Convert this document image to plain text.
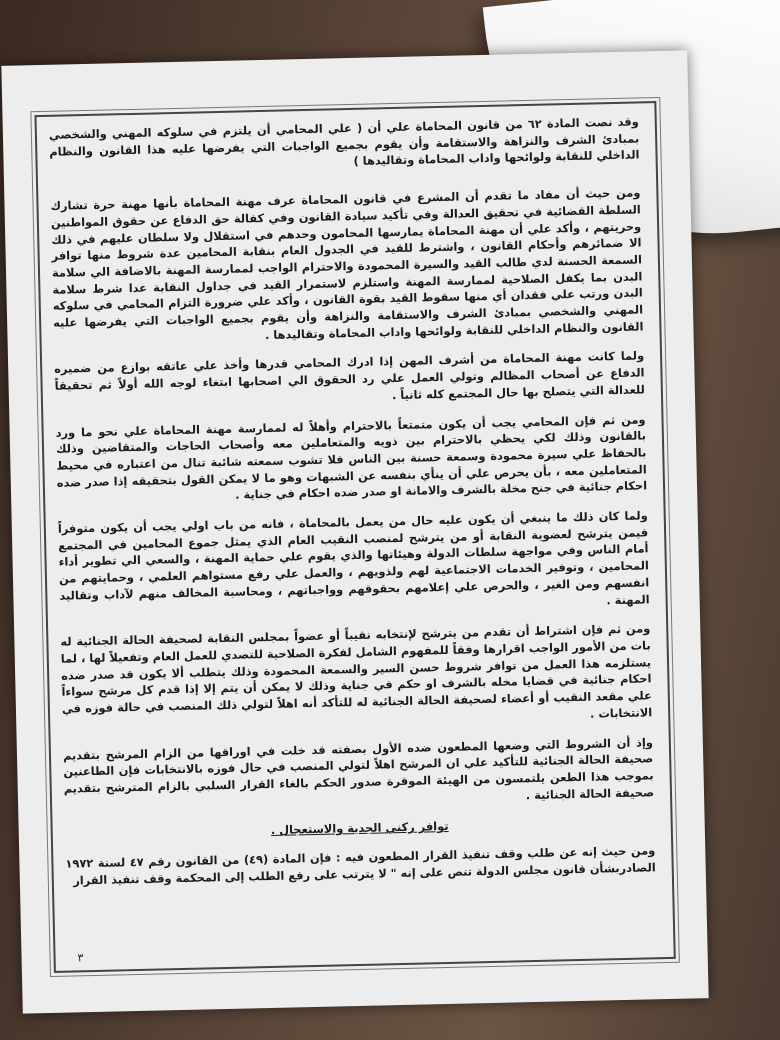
وقد نصت المادة ٦٢ من قانون المحاماة علي أن ( علي المحامي أن يلتزم في سلوكه المهني والشخصي بمبادئ الشرف والنزاهة والاستقامة وأن يقوم بجميع الواجبات التي يفرضها عليه هذا القانون والنظام الداخلي للنقابة ولوائحها واداب المحاماة وتقاليدها )

ومن حيث أن مفاد ما تقدم أن المشرع في قانون المحاماة عرف مهنة المحاماة بأنها مهنة حرة تشارك السلطة القضائية في تحقيق العدالة وفي تأكيد سيادة القانون وفي كفالة حق الدفاع عن حقوق المواطنين وحريتهم ، وأكد علي أن مهنة المحاماة يمارسها المحامون وحدهم في استقلال ولا سلطان عليهم في ذلك الا ضمائرهم وأحكام القانون ، واشترط للقيد في الجدول العام بنقابة المحامين عدة شروط منها توافر السمعة الحسنة لدي طالب القيد والسيرة المحمودة والاحترام الواجب لممارسة المهنة بالاضافة الي سلامة البدن بما يكفل الصلاحية لممارسة المهنة واستلزم لاستمرار القيد في جداول النقابة عدا شرط سلامة البدن ورتب علي فقدان أي منها سقوط القيد بقوة القانون ، وأكد علي ضرورة التزام المحامي في سلوكه المهني والشخصي بمبادئ الشرف والاستقامة والنزاهة وأن يقوم بجميع الواجبات التي يفرضها عليه القانون والنظام الداخلي للنقابة ولوائحها واداب المحاماة وتقاليدها .

ولما كانت مهنة المحاماة من أشرف المهن إذا ادرك المحامي قدرها وأخذ علي عاتقه بوازع من ضميره الدفاع عن أصحاب المظالم وتولي العمل علي رد الحقوق الي اصحابها ابتغاء لوجه الله أولاً ثم تحقيقاً للعدالة التي يتصلح بها حال المجتمع كله ثانياً .

ومن ثم فإن المحامي يجب أن يكون متمتعاً بالاحترام وأهلاً له لممارسة مهنة المحاماة علي نحو ما ورد بالقانون وذلك لكي يحظي بالاحترام بين ذويه والمتعاملين معه وأصحاب الحاجات والمتقاضين وذلك بالحفاظ علي سيرة محمودة وسمعة حسنة بين الناس فلا تشوب سمعته شائبة تنال من اعتباره في محيط المتعاملين معه ، بأن يحرص علي أن ينأي بنفسه عن الشبهات وهو ما لا يمكن القول بتحقيقه إذا صدر ضده احكام جنائية في جنح مخلة بالشرف والامانة او صدر ضده احكام في جناية .

ولما كان ذلك ما ينبغي أن يكون عليه حال من يعمل بالمحاماة ، فانه من باب اولي يجب أن يكون متوفراً فيمن يترشح لعضوية النقابة أو من يترشح لمنصب النقيب العام الذي يمثل جموع المحامين في المجتمع أمام الناس وفي مواجهة سلطات الدولة وهيئاتها والذي يقوم علي حماية المهنة ، والسعي الي تطوير أداء المحامين ، وتوفير الخدمات الاجتماعية لهم ولذويهم ، والعمل علي رفع مستواهم العلمي ، وحمايتهم من انفسهم ومن الغير ، والحرص علي إعلامهم بحقوقهم وواجباتهم ، ومحاسبة المخالف منهم لآداب وتقاليد المهنة .

ومن ثم فإن اشتراط أن تقدم من يترشح لإنتخابه نقيباً أو عضواً بمجلس النقابة لصحيفة الحالة الجنائية له بات من الأمور الواجب اقرارها وفقاً للمفهوم الشامل لفكرة الصلاحية للتصدي للعمل العام وتفعيلاً لها ، لما يستلزمه هذا العمل من توافر شروط حسن السير والسمعة المحمودة وذلك يتطلب ألا يكون قد صدر ضده احكام جنائية في قضايا مخله بالشرف او حكم في جناية وذلك لا يمكن أن يتم إلا إذا قدم كل مرشح سواءاً علي مقعد النقيب أو أعضاء لصحيفة الحالة الجنائية له للتأكد أنه اهلاً لتولي ذلك المنصب في حالة فوزه في الانتخابات .

وإذ أن الشروط التي وضعها المطعون ضده الأول بصفته قد خلت في اوراقها من الزام المرشح بتقديم صحيفة الحالة الجنائية للتأكيد علي ان المرشح اهلاً لتولي المنصب في حال فوزه بالانتخابات فإن الطاعنين بموجب هذا الطعن يلتمسون من الهيئة الموقرة صدور الحكم بالغاء القرار السلبي بالزام المترشح بتقديم صحيفة الحالة الجنائية .

توافر ركني الجدية والاستعجال .

ومن حيث إنه عن طلب وقف تنفيذ القرار المطعون فيه : فإن المادة (٤٩) من القانون رقم ٤٧ لسنة ١٩٧٢ الصادربشأن قانون مجلس الدولة تنص على إنه " لا يترتب على رفع الطلب إلى المحكمة وقف تنفيذ القرار

٣
